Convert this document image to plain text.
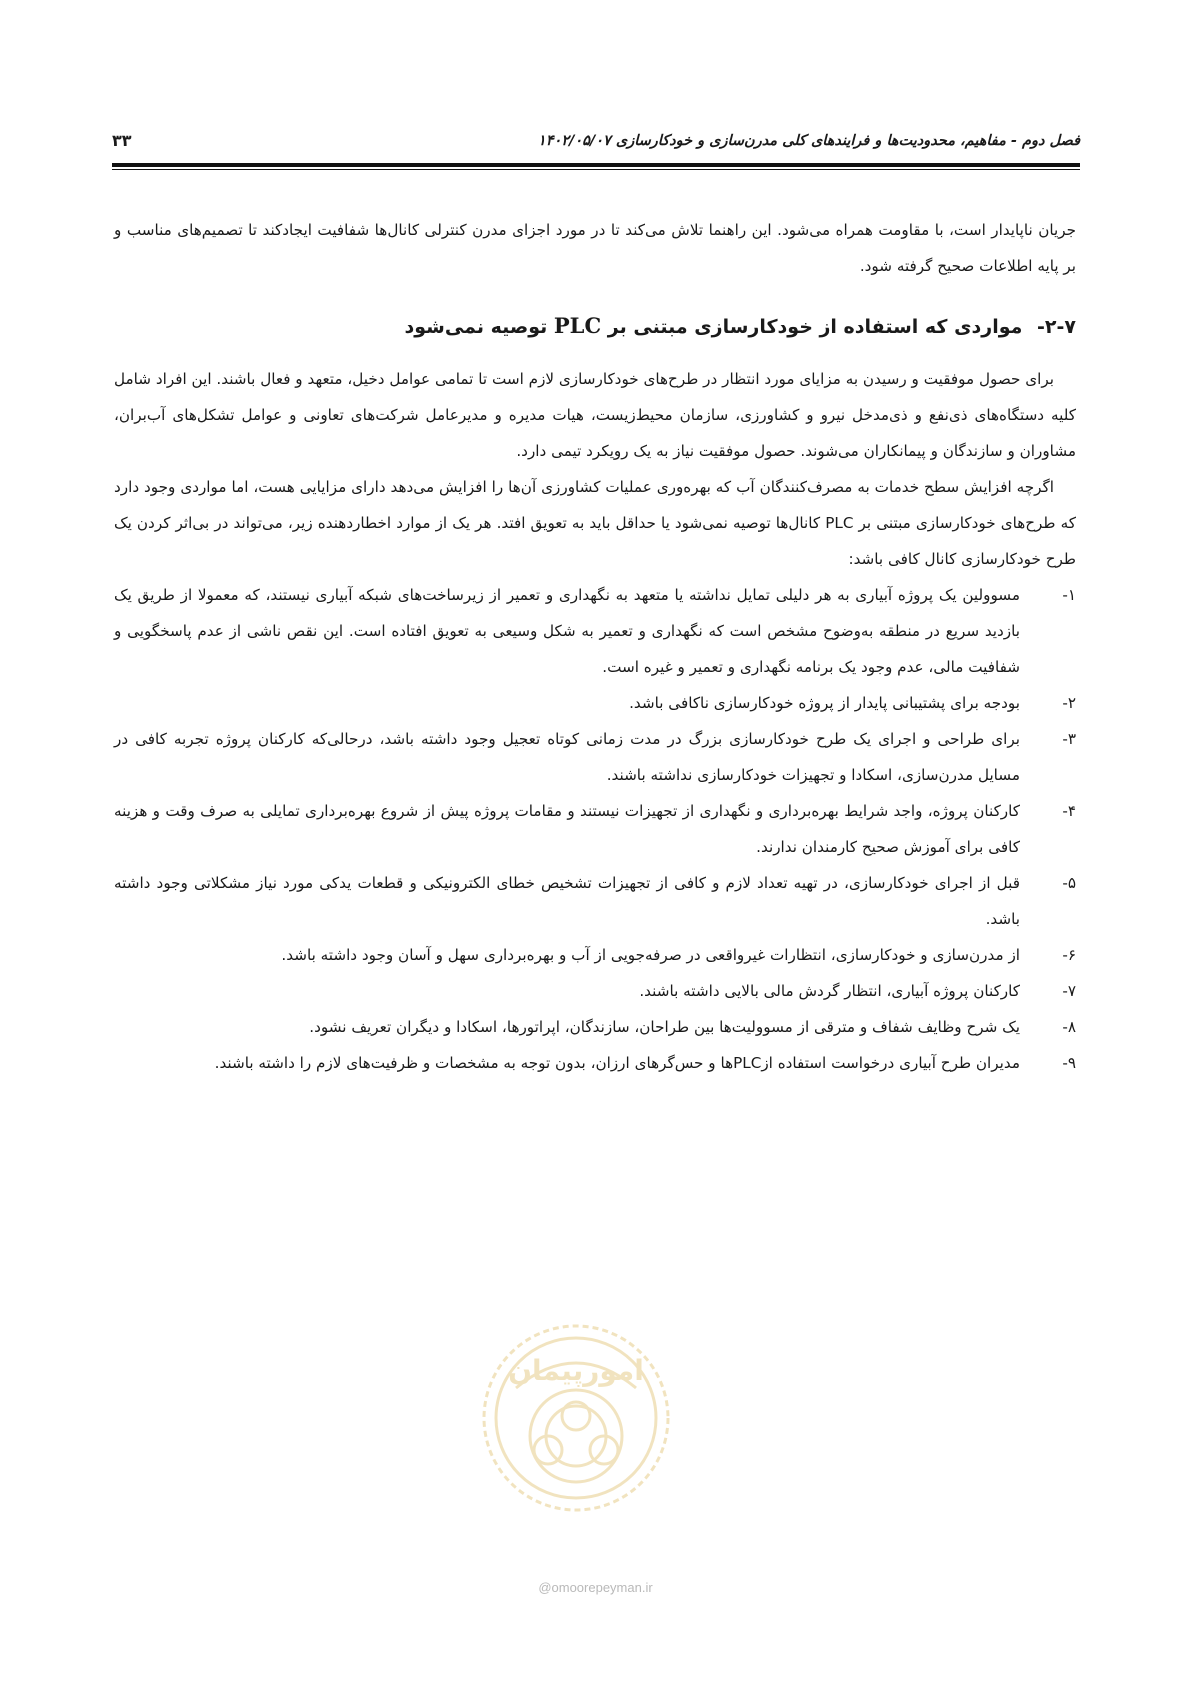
فصل دوم - مفاهیم، محدودیت‌ها و فرایندهای کلی مدرن‌سازی و خودکارسازی ۱۴۰۲/۰۵/۰۷
۳۳

جریان ناپایدار است، با مقاومت همراه می‌شود. این راهنما تلاش می‌کند تا در مورد اجزای مدرن کنترلی کانال‌ها شفافیت ایجادکند تا تصمیم‌های مناسب و بر پایه اطلاعات صحیح گرفته شود.

۲-۷- مواردی که استفاده از خودکارسازی مبتنی بر PLC توصیه نمی‌شود

برای حصول موفقیت و رسیدن به مزایای مورد انتظار در طرح‌های خودکارسازی لازم است تا تمامی عوامل دخیل، متعهد و فعال باشند. این افراد شامل کلیه دستگاه‌های ذی‌نفع و ذی‌مدخل نیرو و کشاورزی، سازمان محیط‌زیست، هیات مدیره و مدیرعامل شرکت‌های تعاونی و عوامل تشکل‌های آب‌بران، مشاوران و سازندگان و پیمانکاران می‌شوند. حصول موفقیت نیاز به یک رویکرد تیمی دارد.

اگرچه افزایش سطح خدمات به مصرف‌کنندگان آب که بهره‌وری عملیات کشاورزی آن‌ها را افزایش می‌دهد دارای مزایایی هست، اما مواردی وجود دارد که طرح‌های خودکارسازی مبتنی بر PLC کانال‌ها توصیه نمی‌شود یا حداقل باید به تعویق افتد. هر یک از موارد اخطاردهنده زیر، می‌تواند در بی‌اثر کردن یک طرح خودکارسازی کانال کافی باشد:

۱-
مسوولین یک پروژه آبیاری به هر دلیلی تمایل نداشته یا متعهد به نگهداری و تعمیر از زیرساخت‌های شبکه آبیاری نیستند، که معمولا از طریق یک بازدید سریع در منطقه به‌وضوح مشخص است که نگهداری و تعمیر به شکل وسیعی به تعویق افتاده است. این نقص ناشی از عدم پاسخگویی و شفافیت مالی، عدم وجود یک برنامه نگهداری و تعمیر و غیره است.
۲-
بودجه برای پشتیبانی پایدار از پروژه خودکارسازی ناکافی باشد.
۳-
برای طراحی و اجرای یک طرح خودکارسازی بزرگ در مدت زمانی کوتاه تعجیل وجود داشته باشد، درحالی‌که کارکنان پروژه تجربه کافی در مسایل مدرن‌سازی، اسکادا و تجهیزات خودکارسازی نداشته باشند.
۴-
کارکنان پروژه، واجد شرایط بهره‌برداری و نگهداری از تجهیزات نیستند و مقامات پروژه پیش از شروع بهره‌برداری تمایلی به صرف وقت و هزینه کافی برای آموزش صحیح کارمندان ندارند.
۵-
قبل از اجرای خودکارسازی، در تهیه تعداد لازم و کافی از تجهیزات تشخیص خطای الکترونیکی و قطعات یدکی مورد نیاز مشکلاتی وجود داشته باشد.
۶-
از مدرن‌سازی و خودکارسازی، انتظارات غیرواقعی در صرفه‌جویی از آب و بهره‌برداری سهل و آسان وجود داشته باشد.
۷-
کارکنان پروژه آبیاری، انتظار گردش مالی بالایی داشته باشند.
۸-
یک شرح وظایف شفاف و مترقی از مسوولیت‌ها بین طراحان، سازندگان، اپراتورها، اسکادا و دیگران تعریف نشود.
۹-
مدیران طرح آبیاری درخواست استفاده ازPLCها و حس‌گرهای ارزان، بدون توجه به مشخصات و ظرفیت‌های لازم را داشته باشند.
امورپیمان
@omoorepeyman.ir
